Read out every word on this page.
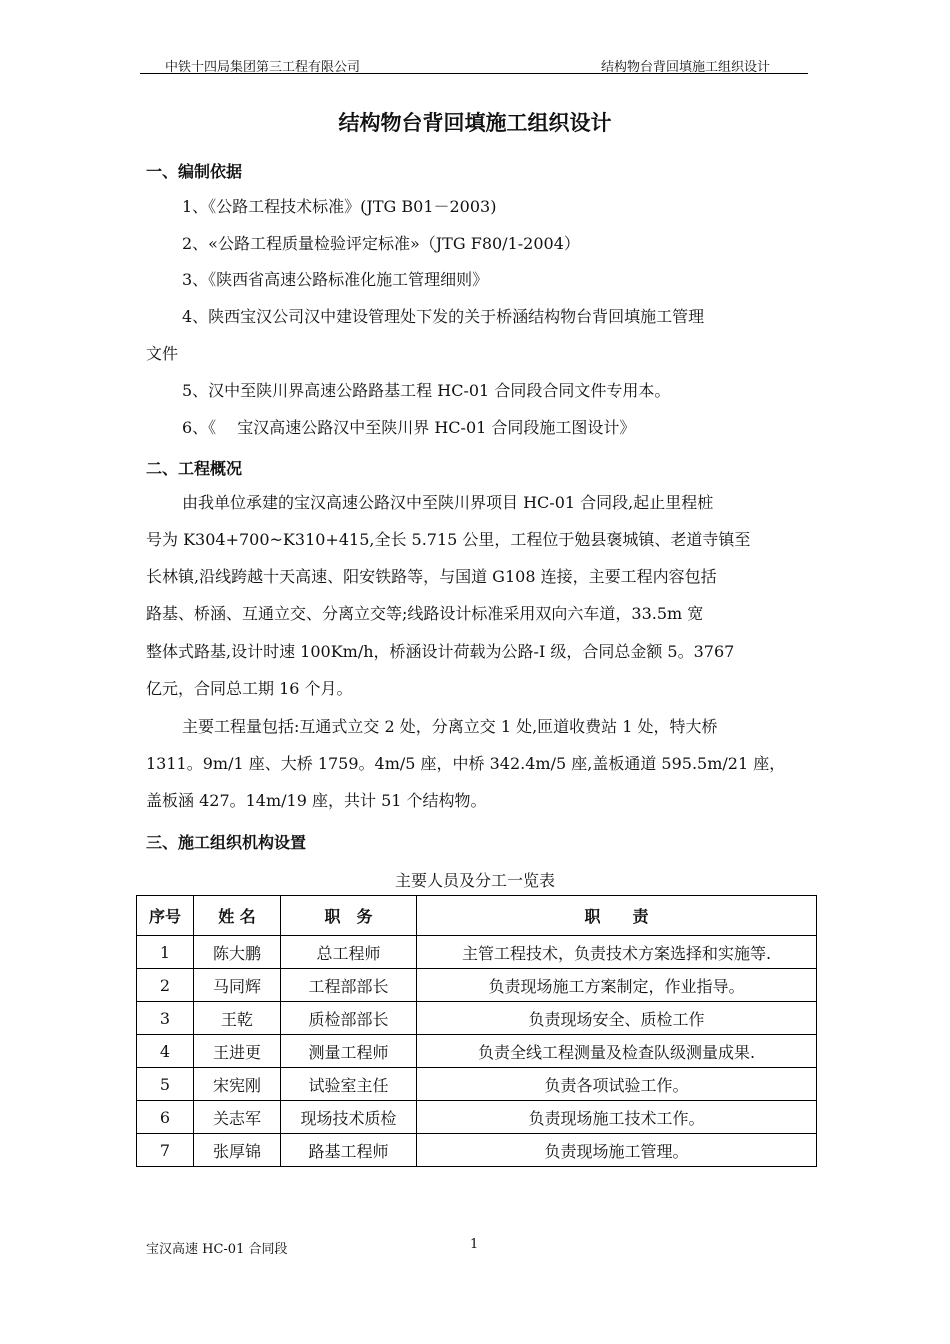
中铁十四局集团第三工程有限公司	结构物台背回填施工组织设计
结构物台背回填施工组织设计
一、编制依据
1、《公路工程技术标准》(JTG B01－2003)
2、«公路工程质量检验评定标准»（JTG F80/1-2004）
3、《陕西省高速公路标准化施工管理细则》
4、陕西宝汉公司汉中建设管理处下发的关于桥涵结构物台背回填施工管理
文件
5、汉中至陕川界高速公路路基工程 HC-01 合同段合同文件专用本。
6、《　 宝汉高速公路汉中至陕川界 HC-01 合同段施工图设计》
二、工程概况
由我单位承建的宝汉高速公路汉中至陕川界项目 HC-01 合同段,起止里程桩
号为 K304+700~K310+415,全长 5.715 公里，工程位于勉县褒城镇、老道寺镇至
长林镇,沿线跨越十天高速、阳安铁路等，与国道 G108 连接，主要工程内容包括
路基、桥涵、互通立交、分离立交等;线路设计标准采用双向六车道，33.5m 宽
整体式路基,设计时速 100Km/h，桥涵设计荷载为公路-I 级，合同总金额 5。3767
亿元，合同总工期 16 个月。
主要工程量包括:互通式立交 2 处，分离立交 1 处,匝道收费站 1 处，特大桥
1311。9m/1 座、大桥 1759。4m/5 座，中桥 342.4m/5 座,盖板通道 595.5m/21 座，
盖板涵 427。14m/19 座，共计 51 个结构物。
三、施工组织机构设置
主要人员及分工一览表
序号	姓 名	职　务	职　　责
1	陈大鹏	总工程师	主管工程技术，负责技术方案选择和实施等.
2	马同辉	工程部部长	负责现场施工方案制定，作业指导。
3	王乾	质检部部长	负责现场安全、质检工作
4	王进更	测量工程师	负责全线工程测量及检查队级测量成果.
5	宋宪刚	试验室主任	负责各项试验工作。
6	关志军	现场技术质检	负责现场施工技术工作。
7	张厚锦	路基工程师	负责现场施工管理。
宝汉高速 HC-01 合同段	1
